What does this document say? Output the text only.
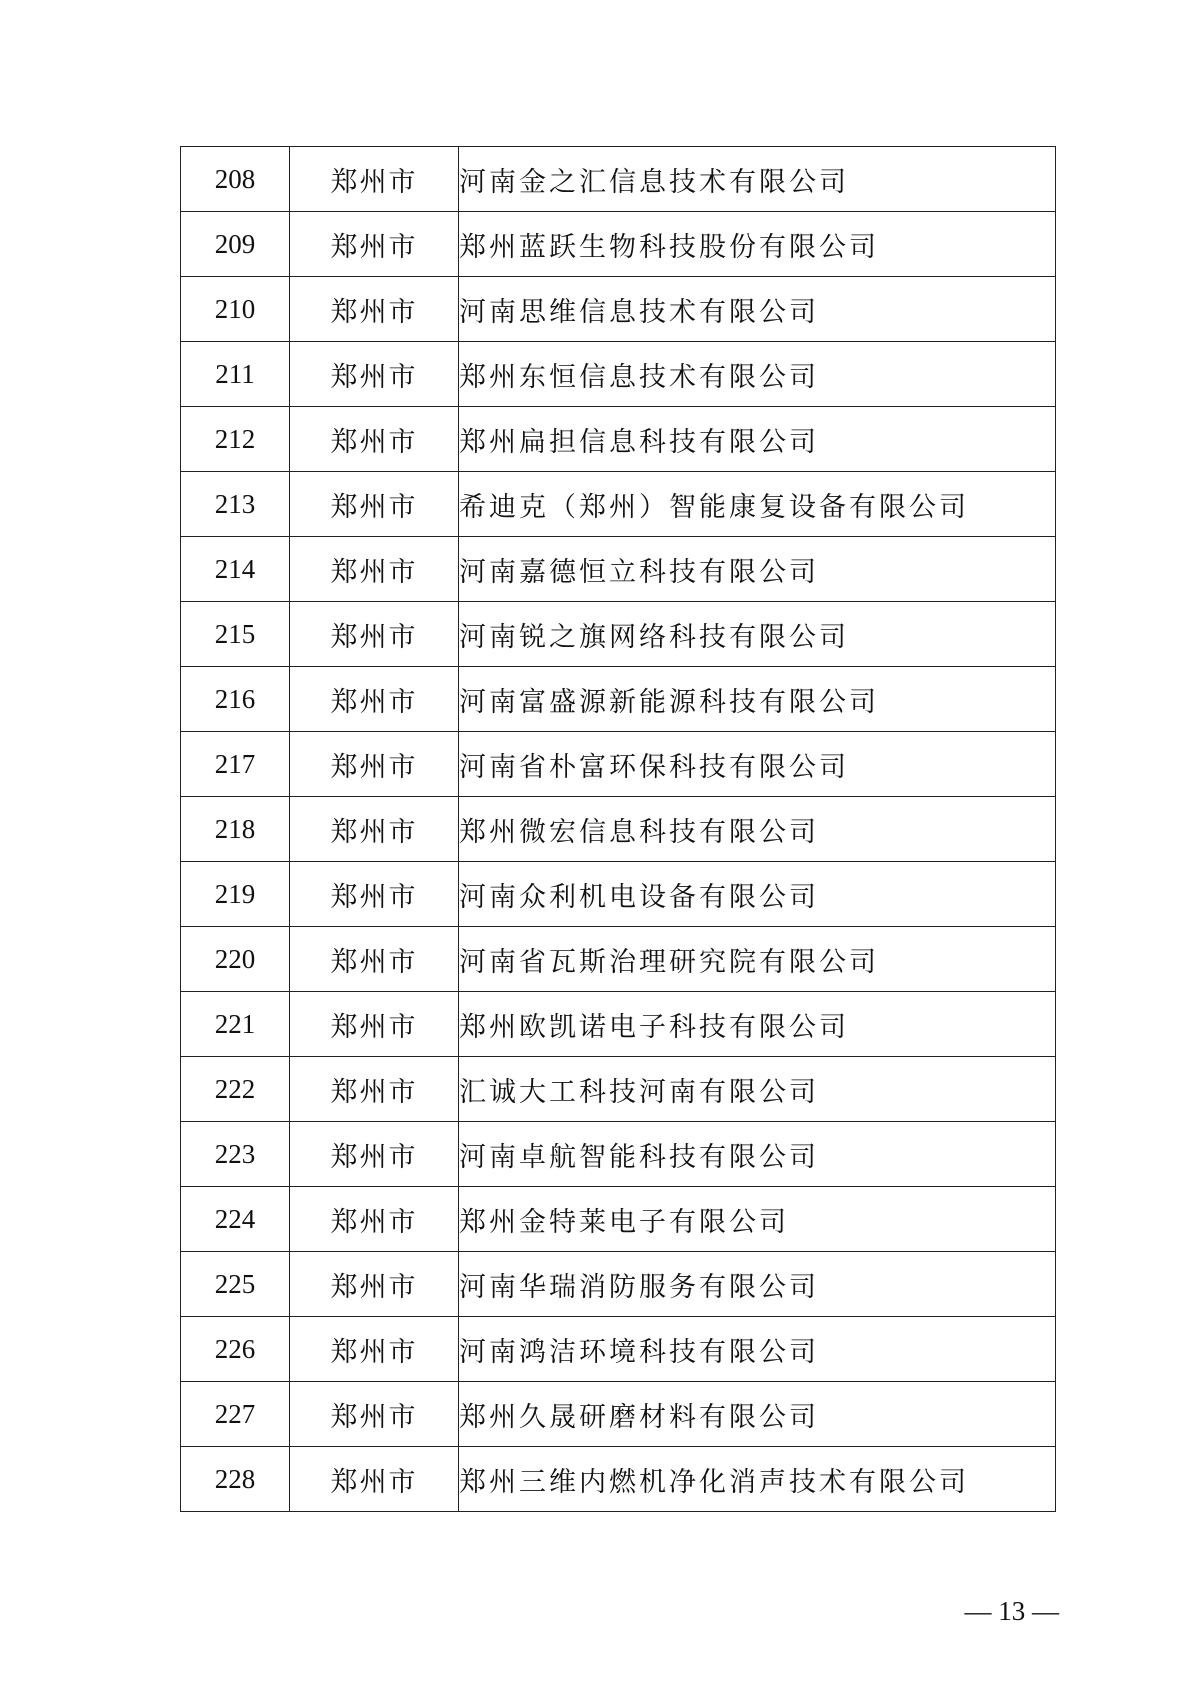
208	郑州市	河南金之汇信息技术有限公司
209	郑州市	郑州蓝跃生物科技股份有限公司
210	郑州市	河南思维信息技术有限公司
211	郑州市	郑州东恒信息技术有限公司
212	郑州市	郑州扁担信息科技有限公司
213	郑州市	希迪克（郑州）智能康复设备有限公司
214	郑州市	河南嘉德恒立科技有限公司
215	郑州市	河南锐之旗网络科技有限公司
216	郑州市	河南富盛源新能源科技有限公司
217	郑州市	河南省朴富环保科技有限公司
218	郑州市	郑州微宏信息科技有限公司
219	郑州市	河南众利机电设备有限公司
220	郑州市	河南省瓦斯治理研究院有限公司
221	郑州市	郑州欧凯诺电子科技有限公司
222	郑州市	汇诚大工科技河南有限公司
223	郑州市	河南卓航智能科技有限公司
224	郑州市	郑州金特莱电子有限公司
225	郑州市	河南华瑞消防服务有限公司
226	郑州市	河南鸿洁环境科技有限公司
227	郑州市	郑州久晟研磨材料有限公司
228	郑州市	郑州三维内燃机净化消声技术有限公司
— 13 —
